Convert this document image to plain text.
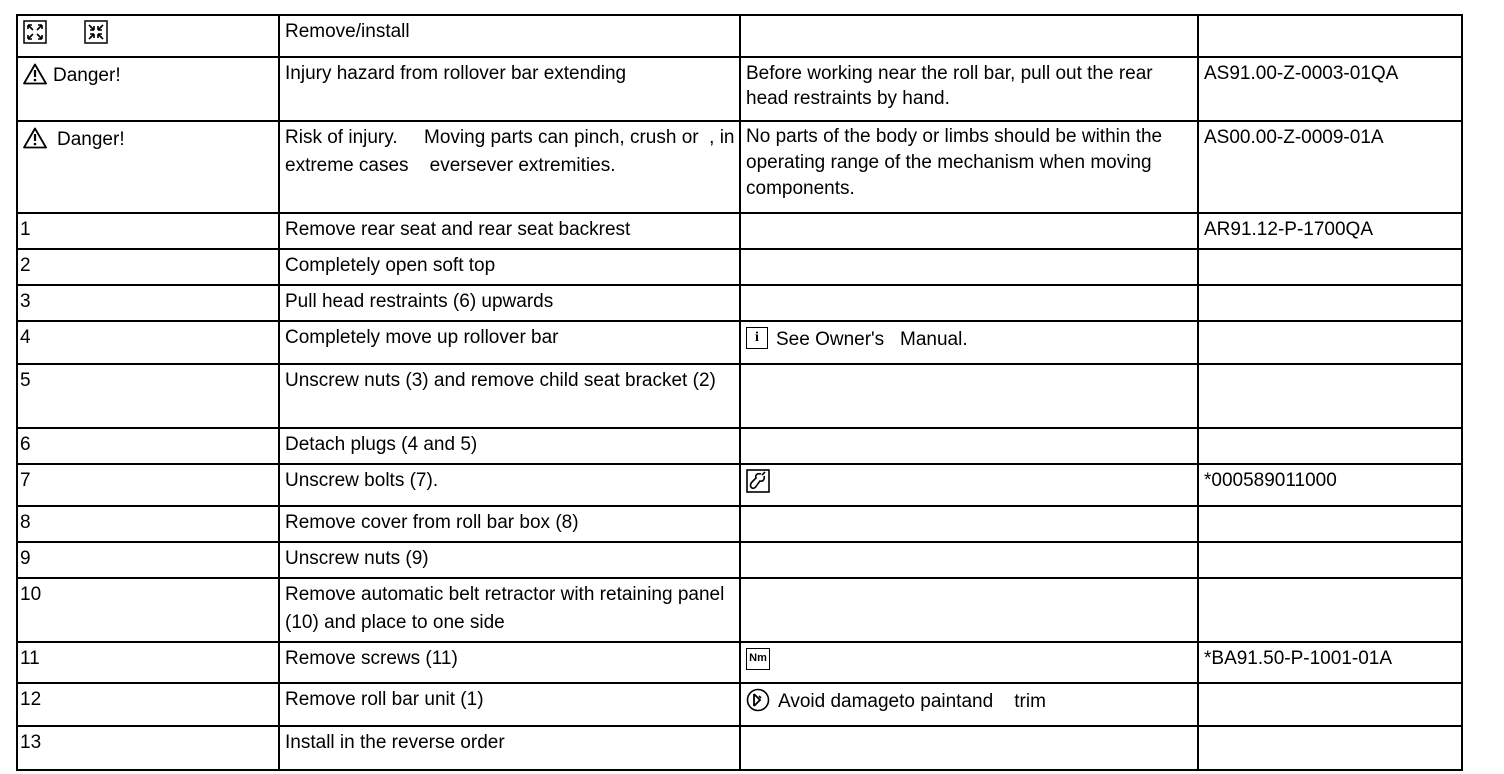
	Remove/install		

Danger!	Injury hazard from rollover bar extending	Before working near the roll bar, pull out the rear head restraints by hand.	AS91.00-Z-0003-01QA

Danger!	Risk of injury.     Moving parts can pinch, crush or  , in extreme cases    eversever extremities.	No parts of the body or limbs should be within the operating range of the mechanism when moving components.	AS00.00-Z-0009-01A
1	Remove rear seat and rear seat backrest		AR91.12-P-1700QA
2	Completely open soft top		
3	Pull head restraints (6) upwards		
4	Completely move up rollover bar	i See Owner's   Manual.	
5	Unscrew nuts (3) and remove child seat bracket (2)		
6	Detach plugs (4 and 5)		
7	Unscrew bolts (7).		*000589011000
8	Remove cover from roll bar box (8)		
9	Unscrew nuts (9)		
10	Remove automatic belt retractor with retaining panel (10) and place to one side		
11	Remove screws (11)	Nm	*BA91.50-P-1001-01A
12	Remove roll bar unit (1)	Avoid damageto paintand    trim	
13	Install in the reverse order		
